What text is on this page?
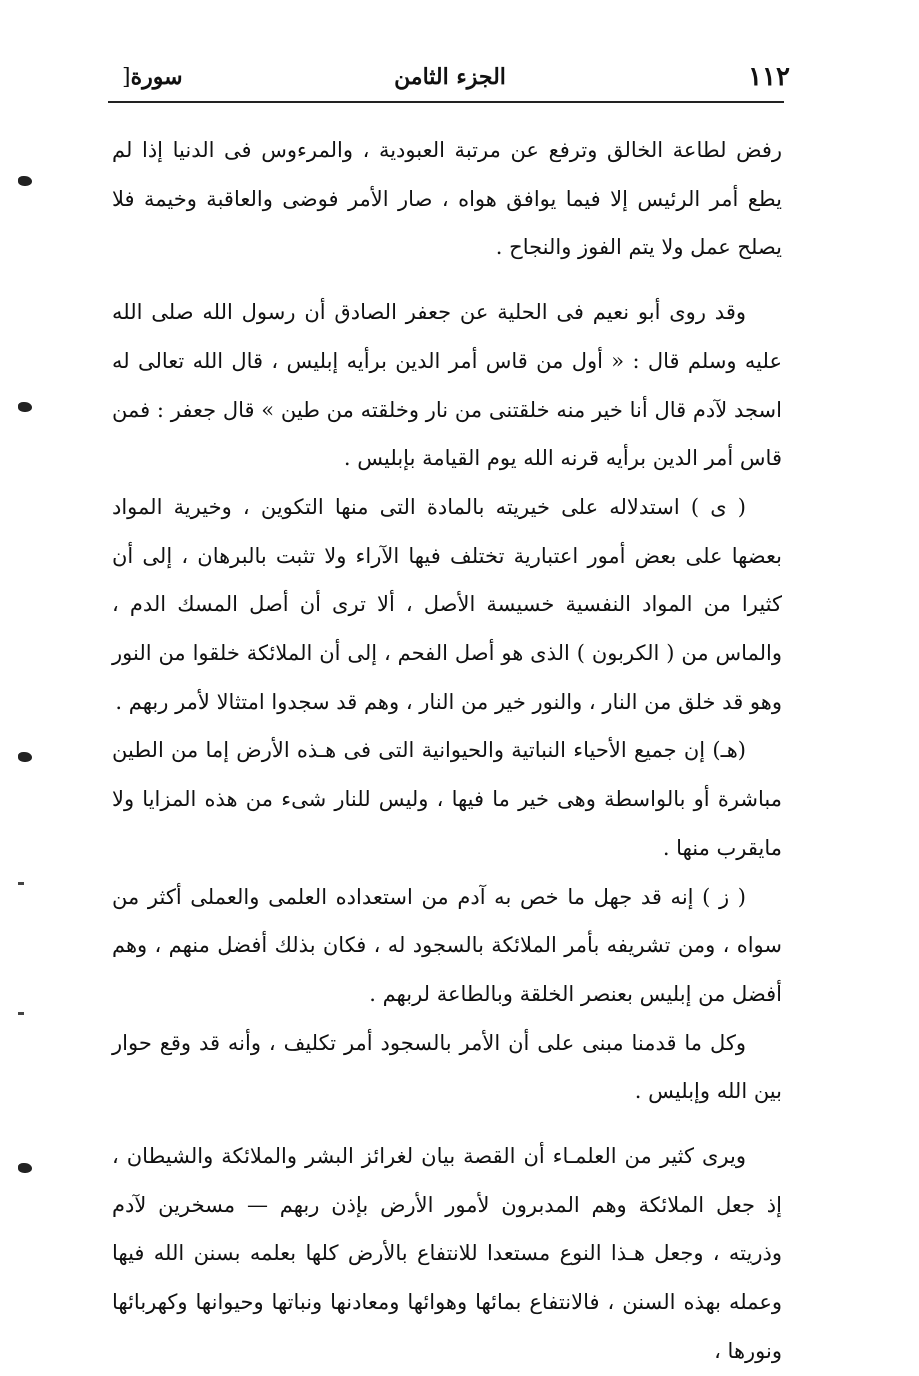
١١٢
الجزء الثامن
سورة[

رفض لطاعة الخالق وترفع عن مرتبة العبودية ، والمرءوس فى الدنيا إذا لم يطع أمر الرئيس إلا فيما يوافق هواه ، صار الأمر فوضى والعاقبة وخيمة فلا يصلح عمل ولا يتم الفوز والنجاح .

وقد روى أبو نعيم فى الحلية عن جعفر الصادق أن رسول الله صلى الله عليه وسلم قال : « أول من قاس أمر الدين برأيه إبليس ، قال الله تعالى له اسجد لآدم قال أنا خير منه خلقتنى من نار وخلقته من طين » قال جعفر : فمن قاس أمر الدين برأيه قرنه الله يوم القيامة بإبليس .

( ى ) استدلاله على خيريته بالمادة التى منها التكوين ، وخيرية المواد بعضها على بعض أمور اعتبارية تختلف فيها الآراء ولا تثبت بالبرهان ، إلى أن كثيرا من المواد النفسية خسيسة الأصل ، ألا ترى أن أصل المسك الدم ، والماس من ( الكربون ) الذى هو أصل الفحم ، إلى أن الملائكة خلقوا من النور وهو قد خلق من النار ، والنور خير من النار ، وهم قد سجدوا امتثالا لأمر ربهم .

(هـ) إن جميع الأحياء النباتية والحيوانية التى فى هـذه الأرض إما من الطين مباشرة أو بالواسطة وهى خير ما فيها ، وليس للنار شىء من هذه المزايا ولا مايقرب منها .

( ز ) إنه قد جهل ما خص به آدم من استعداده العلمى والعملى أكثر من سواه ، ومن تشريفه بأمر الملائكة بالسجود له ، فكان بذلك أفضل منهم ، وهم أفضل من إبليس بعنصر الخلقة وبالطاعة لربهم .

وكل ما قدمنا مبنى على أن الأمر بالسجود أمر تكليف ، وأنه قد وقع حوار بين الله وإبليس .

ويرى كثير من العلمـاء أن القصة بيان لغرائز البشر والملائكة والشيطان ، إذ جعل الملائكة وهم المدبرون لأمور الأرض بإذن ربهم — مسخرين لآدم وذريته ، وجعل هـذا النوع مستعدا للانتفاع بالأرض كلها بعلمه بسنن الله فيها وعمله بهذه السنن ، فالانتفاع بمائها وهوائها ومعادنها ونباتها وحيوانها وكهربائها ونورها ،
